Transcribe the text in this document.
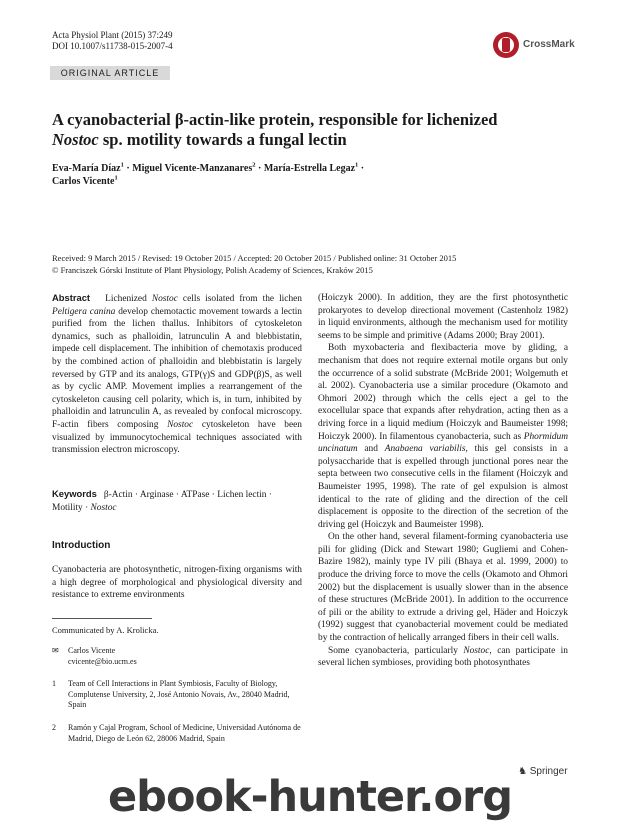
Acta Physiol Plant (2015) 37:249
DOI 10.1007/s11738-015-2007-4
ORIGINAL ARTICLE
CrossMark
A cyanobacterial β-actin-like protein, responsible for lichenized
Nostoc sp. motility towards a fungal lectin
Eva-María Díaz$^1$ · Miguel Vicente-Manzanares$^2$ · María-Estrella Legaz$^1$ ·
Carlos Vicente$^1$
Received: 9 March 2015 / Revised: 19 October 2015 / Accepted: 20 October 2015 / Published online: 31 October 2015
© Franciszek Górski Institute of Plant Physiology, Polish Academy of Sciences, Kraków 2015

Abstract Lichenized Nostoc cells isolated from the lichen Peltigera canina develop chemotactic movement towards a lectin purified from the lichen thallus. Inhibitors of cytoskeleton dynamics, such as phalloidin, latrunculin A and blebbistatin, impede cell displacement. The inhibition of chemotaxis produced by the combined action of phalloidin and blebbistatin is largely reversed by GTP and its analogs, GTP(γ)S and GDP(β)S, as well as by cyclic AMP. Movement implies a rearrangement of the cytoskeleton causing cell polarity, which is, in turn, inhibited by phalloidin and latrunculin A, as revealed by confocal microscopy. F-actin fibers composing Nostoc cytoskeleton have been visualized by immunocytochemical techniques associated with transmission electron microscopy.

Keywords β-Actin · Arginase · ATPase · Lichen lectin · Motility · Nostoc
Introduction
Cyanobacteria are photosynthetic, nitrogen-fixing organisms with a high degree of morphological and physiological diversity and resistance to extreme environments
Communicated by A. Krolicka.
✉ Carlos Vicente
cvicente@bio.ucm.es
1 Team of Cell Interactions in Plant Symbiosis, Faculty of Biology, Complutense University, 2, José Antonio Novais, Av., 28040 Madrid, Spain
2 Ramón y Cajal Program, School of Medicine, Universidad Autónoma de Madrid, Diego de León 62, 28006 Madrid, Spain

(Hoiczyk 2000). In addition, they are the first photosynthetic prokaryotes to develop directional movement (Castenholz 1982) in liquid environments, although the mechanism used for motility seems to be simple and primitive (Adams 2000; Bray 2001).

Both myxobacteria and flexibacteria move by gliding, a mechanism that does not require external motile organs but only the occurrence of a solid substrate (McBride 2001; Wolgemuth et al. 2002). Cyanobacteria use a similar procedure (Okamoto and Ohmori 2002) through which the cells eject a gel to the exocellular space that expands after rehydration, acting then as a driving force in a liquid medium (Hoiczyk and Baumeister 1998; Hoiczyk 2000). In filamentous cyanobacteria, such as Phormidum uncinatum and Anabaena variabilis, this gel consists in a polysaccharide that is expelled through junctional pores near the septa between two consecutive cells in the filament (Hoiczyk and Baumeister 1995, 1998). The rate of gel expulsion is almost identical to the rate of gliding and the direction of the cell displacement is opposite to the direction of the secretion of the driving gel (Hoiczyk and Baumeister 1998).

On the other hand, several filament-forming cyanobacteria use pili for gliding (Dick and Stewart 1980; Gugliemi and Cohen-Bazire 1982), mainly type IV pili (Bhaya et al. 1999, 2000) to produce the driving force to move the cells (Okamoto and Ohmori 2002) but the displacement is usually slower than in the absence of these structures (McBride 2001). In addition to the occurrence of pili or the ability to extrude a driving gel, Häder and Hoiczyk (1992) suggest that cyanobacterial movement could be mediated by the contraction of helically arranged fibers in their cell walls.

Some cyanobacteria, particularly Nostoc, can participate in several lichen symbioses, providing both photosynthates

♞ Springer
ebook-hunter.org
